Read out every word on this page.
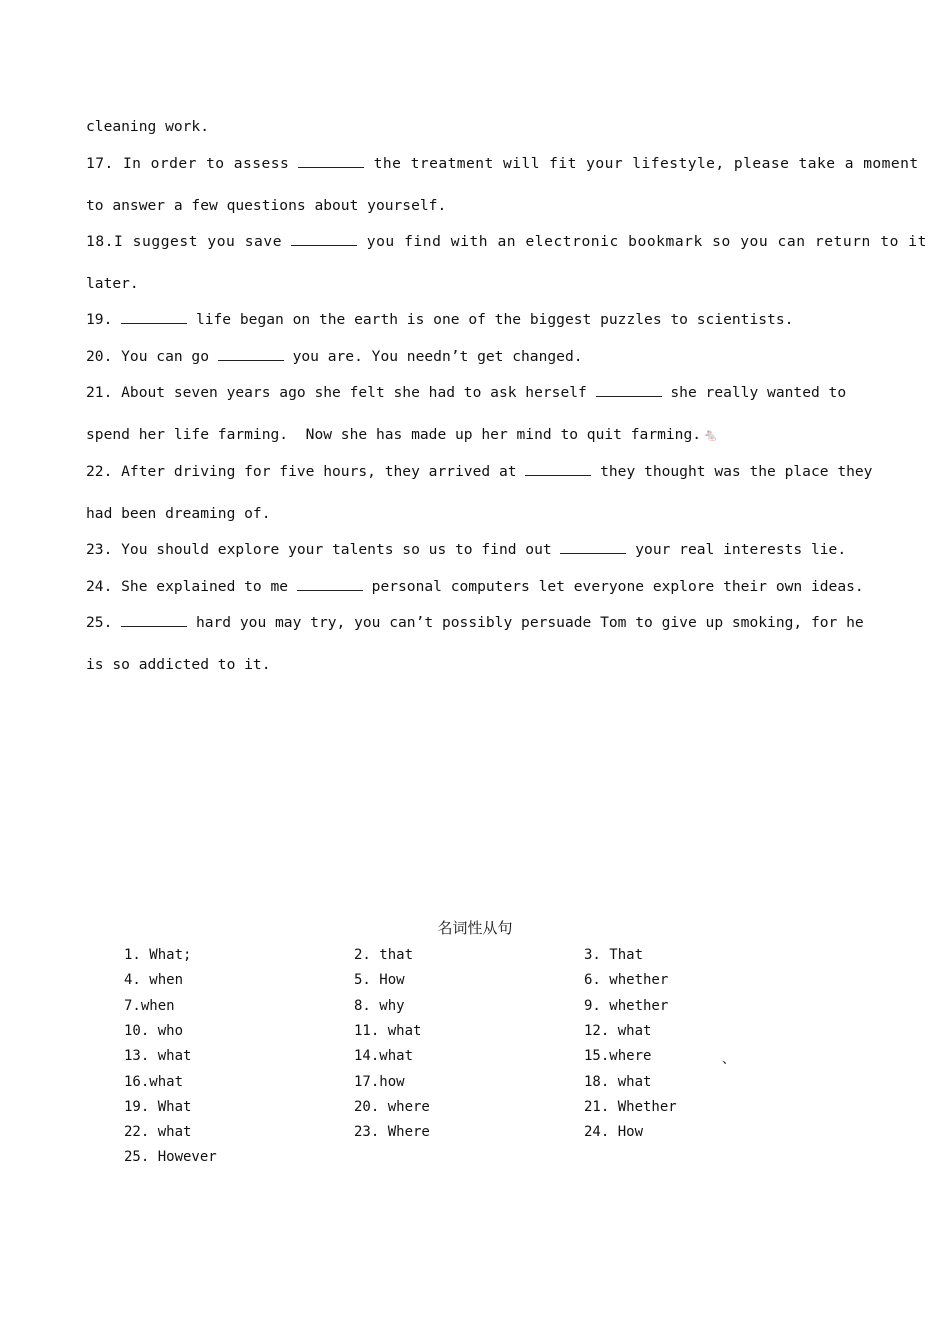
cleaning work.
17. In order to assess	the treatment will fit your lifestyle, please take a moment
to answer a few questions about yourself.
18.I suggest you save	you find with an electronic bookmark so you can return to it
later.
19.	life began on the earth is one of the biggest puzzles to scientists.
20. You can go	you are. You needn’t get changed.
21. About seven years ago she felt she had to ask herself	she really wanted to
spend her life farming.  Now she has made up her mind to quit farming. 🐁
22. After driving for five hours, they arrived at	they thought was the place they
had been dreaming of.
23. You should explore your talents so us to find out	your real interests lie.
24. She explained to me	personal computers let everyone explore their own ideas.
25.	hard you may try, you can’t possibly persuade Tom to give up smoking, for he
is so addicted to it.
名词性从句
1. What;	2. that	3. That
4. when	5. How	6. whether
7.when	8. why	9. whether
10. who	11. what	12. what
13. what	14.what	15.where
16.what	17.how	18. what
19. What	20. where	21. Whether
22. what	23. Where	24. How
25. However
、
